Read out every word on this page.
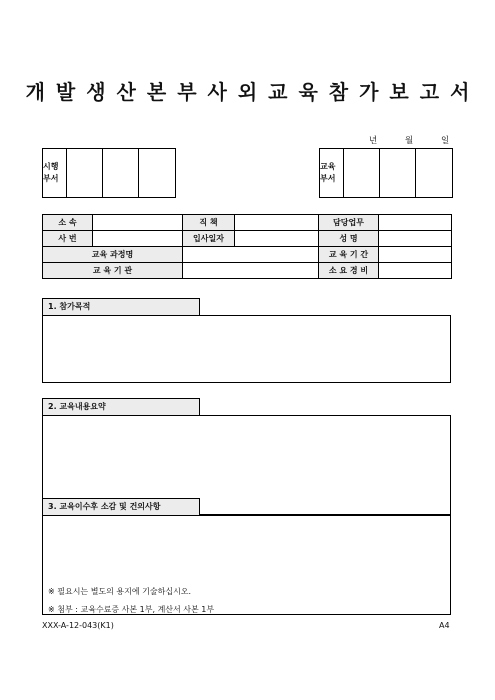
개발생산본부사외교육참가보고서
년	월	일
시행 부서
교육 부서
소 속		직 책		담당업무	
사 번		입사일자		성 명	
교육 과정명				교 육 기 간	
교 육 기 관				소 요 경 비	
1. 참가목적
2. 교육내용요약
3. 교육이수후 소감 및 건의사항
※ 필요시는 별도의 용지에 기술하십시오.
※ 첨부 : 교육수료증 사본 1부, 계산서 사본 1부
XXX-A-12-043(K1)	A4
